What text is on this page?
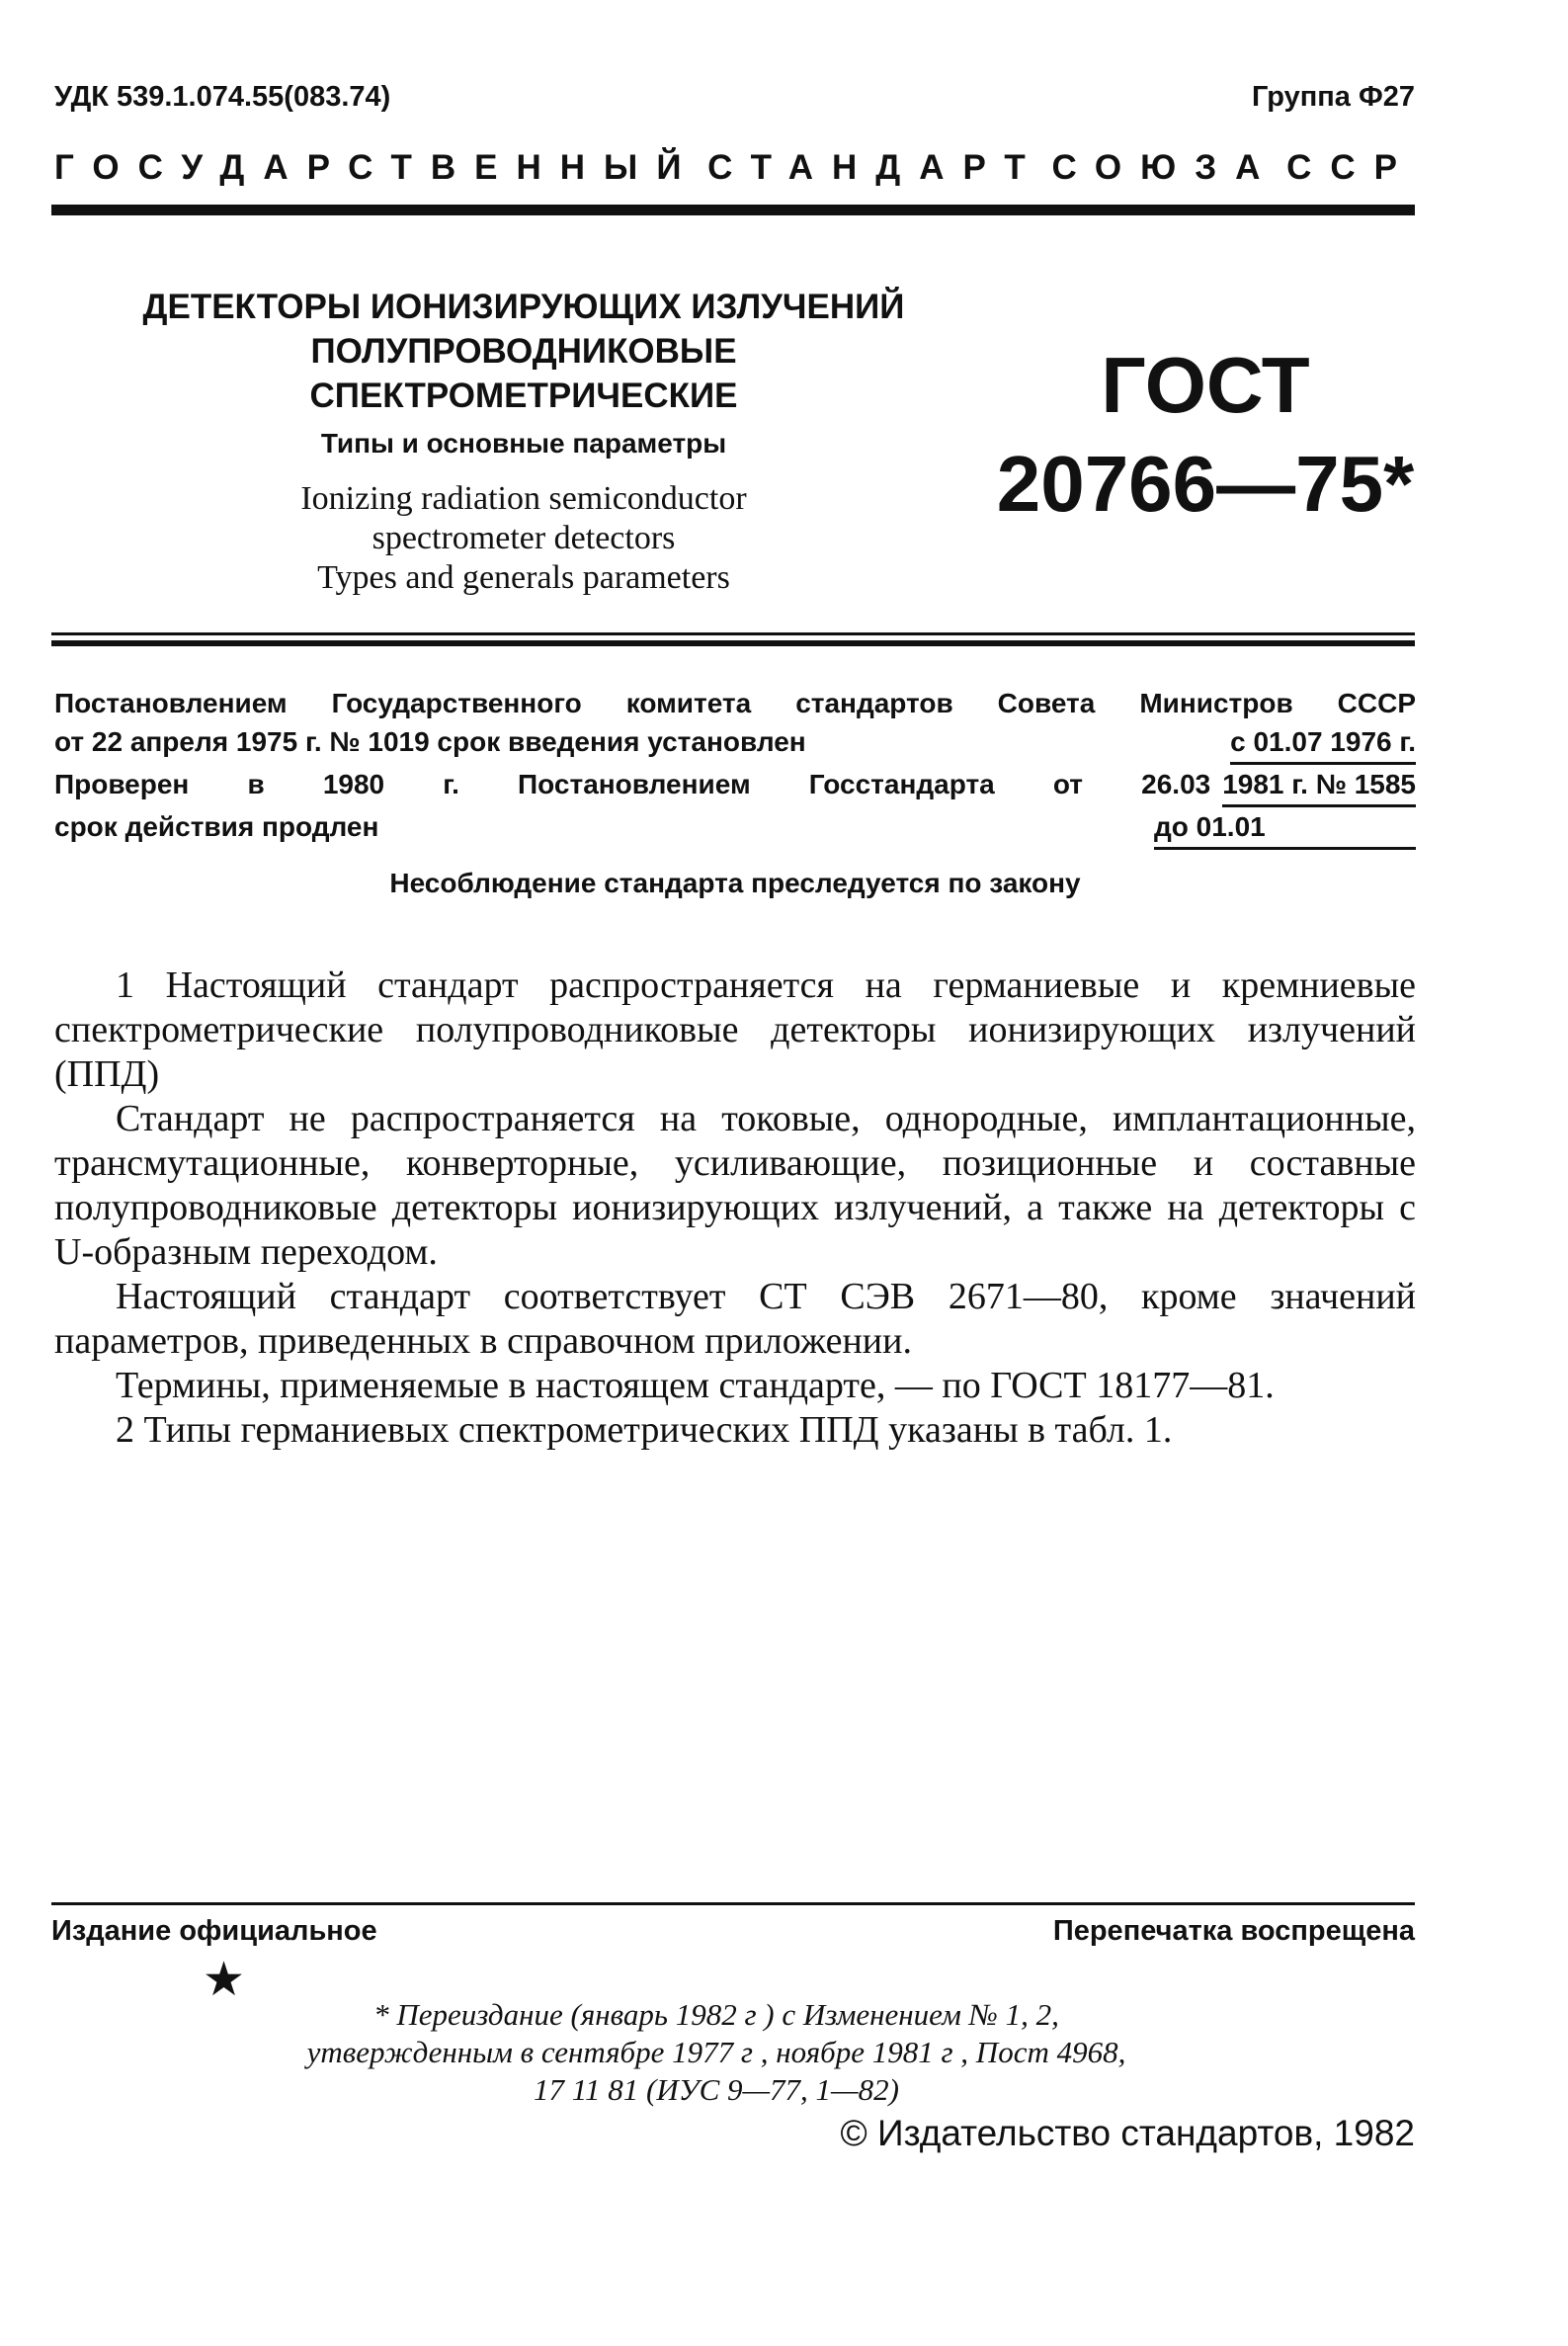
УДК 539.1.074.55(083.74)	Группа Ф27
ГОСУДАРСТВЕННЫЙ СТАНДАРТ СОЮЗА ССР
ДЕТЕКТОРЫ ИОНИЗИРУЮЩИХ ИЗЛУЧЕНИЙ
ПОЛУПРОВОДНИКОВЫЕ СПЕКТРОМЕТРИЧЕСКИЕ
Типы и основные параметры
Ionizing radiation semiconductor
spectrometer detectors
Types and generals parameters
ГОСТ
20766—75*
Постановлением Государственного комитета стандартов Совета Министров СССР
от 22 апреля 1975 г. № 1019 срок введения установлен	с 01.07 1976 г.
Проверен в 1980 г. Постановлением Госстандарта от 26.03 1981 г. № 1585
срок действия продлен	до 01.01
Несоблюдение стандарта преследуется по закону

1 Настоящий стандарт распространяется на германиевые и кремниевые спектрометрические полупроводниковые детекторы ионизирующих излучений (ППД)

Стандарт не распространяется на токовые, однородные, имплантационные, трансмутационные, конверторные, усиливающие, позиционные и составные полупроводниковые детекторы ионизирующих излучений, а также на детекторы с U-образным переходом.

Настоящий стандарт соответствует СТ СЭВ 2671—80, кроме значений параметров, приведенных в справочном приложении.

Термины, применяемые в настоящем стандарте, — по ГОСТ 18177—81.

2 Типы германиевых спектрометрических ППД указаны в табл. 1.

Издание официальное	Перепечатка воспрещена
★
* Переиздание (январь 1982 г ) с Изменением № 1, 2,
утвержденным в сентябре 1977 г , ноябре 1981 г , Пост 4968,
17 11 81 (ИУС 9—77, 1—82)
© Издательство стандартов, 1982
